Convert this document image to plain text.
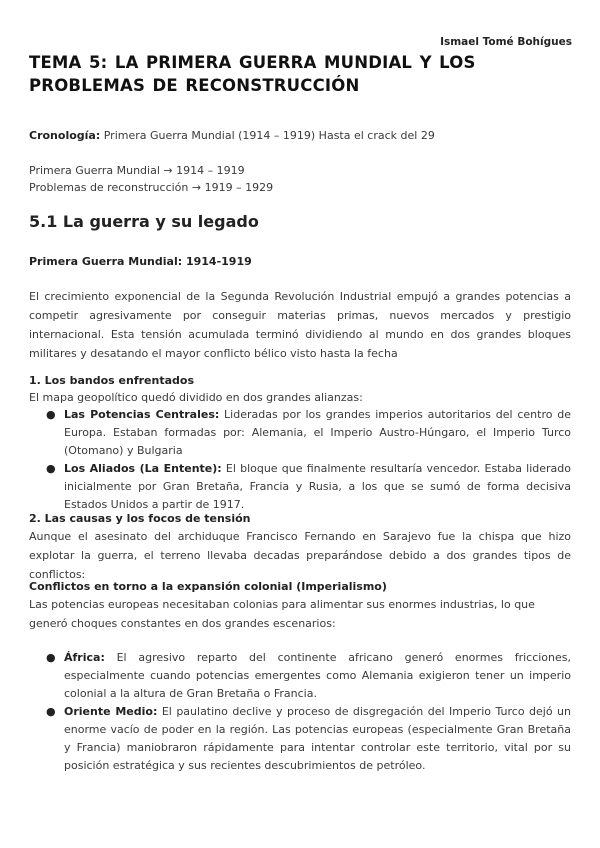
Ismael Tomé Bohígues
TEMA 5: LA PRIMERA GUERRA MUNDIAL Y LOS PROBLEMAS DE RECONSTRUCCIÓN
Cronología: Primera Guerra Mundial (1914 – 1919) Hasta el crack del 29
Primera Guerra Mundial → 1914 – 1919
Problemas de reconstrucción → 1919 – 1929
5.1 La guerra y su legado
Primera Guerra Mundial: 1914-1919
El crecimiento exponencial de la Segunda Revolución Industrial empujó a grandes potencias a competir agresivamente por conseguir materias primas, nuevos mercados y prestigio internacional. Esta tensión acumulada terminó dividiendo al mundo en dos grandes bloques militares y desatando el mayor conflicto bélico visto hasta la fecha
1. Los bandos enfrentados
El mapa geopolítico quedó dividido en dos grandes alianzas:
● Las Potencias Centrales: Lideradas por los grandes imperios autoritarios del centro de Europa. Estaban formadas por: Alemania, el Imperio Austro-Húngaro, el Imperio Turco (Otomano) y Bulgaria
● Los Aliados (La Entente): El bloque que finalmente resultaría vencedor. Estaba liderado inicialmente por Gran Bretaña, Francia y Rusia, a los que se sumó de forma decisiva Estados Unidos a partir de 1917.
2. Las causas y los focos de tensión
Aunque el asesinato del archiduque Francisco Fernando en Sarajevo fue la chispa que hizo explotar la guerra, el terreno llevaba decadas preparándose debido a dos grandes tipos de conflictos:
Conflictos en torno a la expansión colonial (Imperialismo)
Las potencias europeas necesitaban colonias para alimentar sus enormes industrias, lo que generó choques constantes en dos grandes escenarios:
● África: El agresivo reparto del continente africano generó enormes fricciones, especialmente cuando potencias emergentes como Alemania exigieron tener un imperio colonial a la altura de Gran Bretaña o Francia.
● Oriente Medio: El paulatino declive y proceso de disgregación del Imperio Turco dejó un enorme vacío de poder en la región. Las potencias europeas (especialmente Gran Bretaña y Francia) maniobraron rápidamente para intentar controlar este territorio, vital por su posición estratégica y sus recientes descubrimientos de petróleo.
